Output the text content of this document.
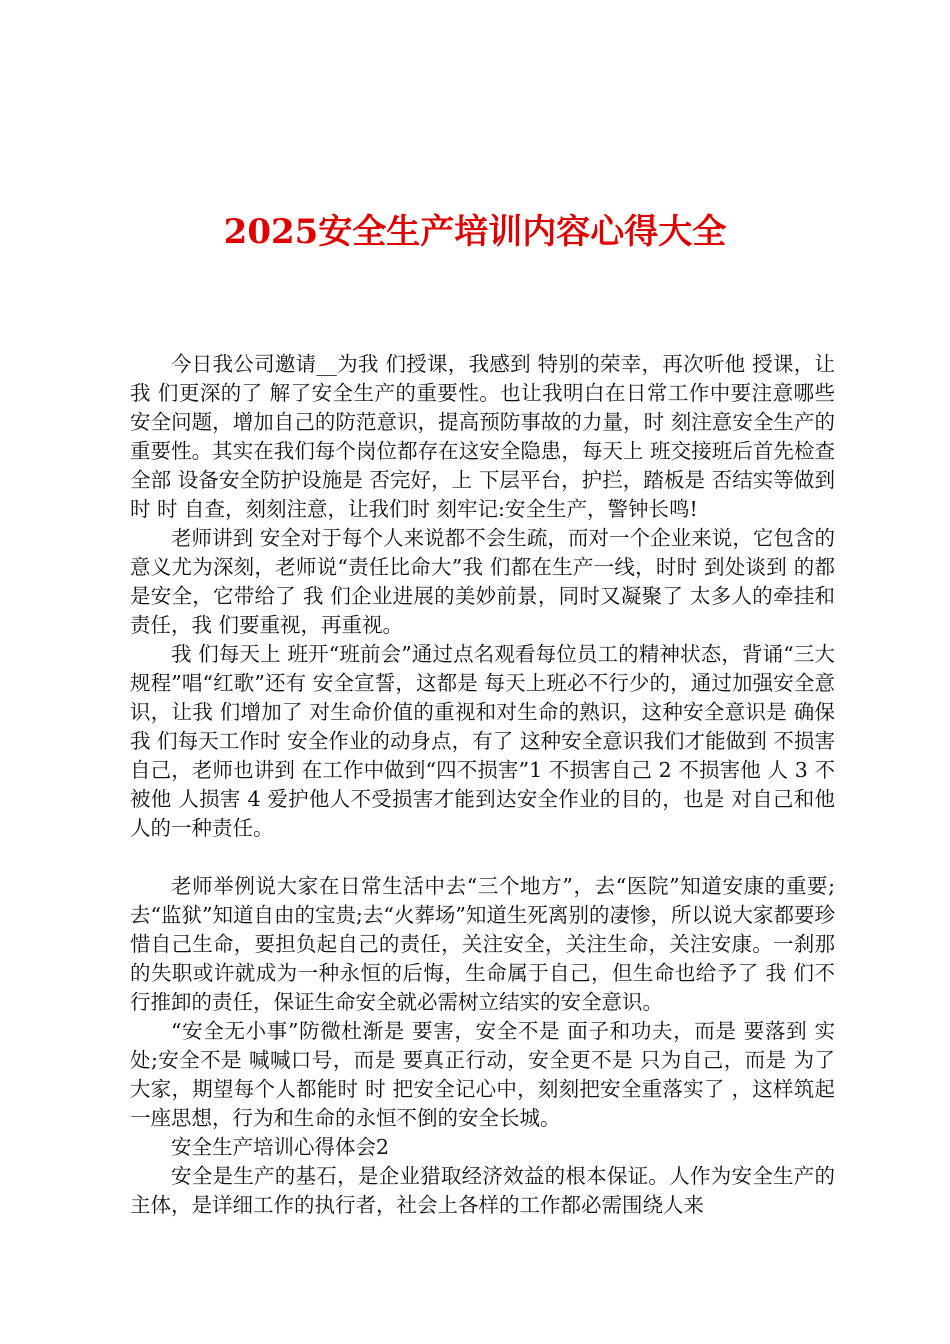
2025安全生产培训内容心得大全

今日我公司邀请__为我 们授课，我感到 特别的荣幸，再次听他 授课，让我 们更深的了 解了安全生产的重要性。也让我明白在日常工作中要注意哪些安全问题，增加自己的防范意识，提高预防事故的力量，时 刻注意安全生产的重要性。其实在我们每个岗位都存在这安全隐患，每天上 班交接班后首先检查全部 设备安全防护设施是 否完好，上 下层平台，护拦，踏板是 否结实等做到 时 时 自查，刻刻注意，让我们时 刻牢记:安全生产，警钟长鸣!

老师讲到 安全对于每个人来说都不会生疏，而对一个企业来说，它包含的意义尤为深刻，老师说“责任比命大”我 们都在生产一线，时时 到处谈到 的都是安全，它带给了 我 们企业进展的美妙前景，同时又凝聚了 太多人的牵挂和责任，我 们要重视，再重视。

我 们每天上 班开“班前会”通过点名观看每位员工的精神状态，背诵“三大规程”唱“红歌”还有 安全宣誓，这都是 每天上班必不行少的，通过加强安全意识，让我 们增加了 对生命价值的重视和对生命的熟识，这种安全意识是 确保我 们每天工作时 安全作业的动身点，有了 这种安全意识我们才能做到 不损害自己，老师也讲到 在工作中做到“四不损害”1 不损害自己 2 不损害他 人 3 不被他 人损害 4 爱护他人不受损害才能到达安全作业的目的，也是 对自己和他 人的一种责任。

老师举例说大家在日常生活中去“三个地方”，去“医院”知道安康的重要;去“监狱”知道自由的宝贵;去“火葬场”知道生死离别的凄惨，所以说大家都要珍惜自己生命，要担负起自己的责任，关注安全，关注生命，关注安康。一刹那的失职或许就成为一种永恒的后悔，生命属于自己，但生命也给予了 我 们不行推卸的责任，保证生命安全就必需树立结实的安全意识。

“安全无小事”防微杜渐是 要害，安全不是 面子和功夫，而是 要落到 实处;安全不是 喊喊口号，而是 要真正行动，安全更不是 只为自己，而是 为了大家，期望每个人都能时 时 把安全记心中，刻刻把安全重落实了 ，这样筑起一座思想，行为和生命的永恒不倒的安全长城。

安全生产培训心得体会2

安全是生产的基石，是企业猎取经济效益的根本保证。人作为安全生产的主体，是详细工作的执行者，社会上各样的工作都必需围绕人来
